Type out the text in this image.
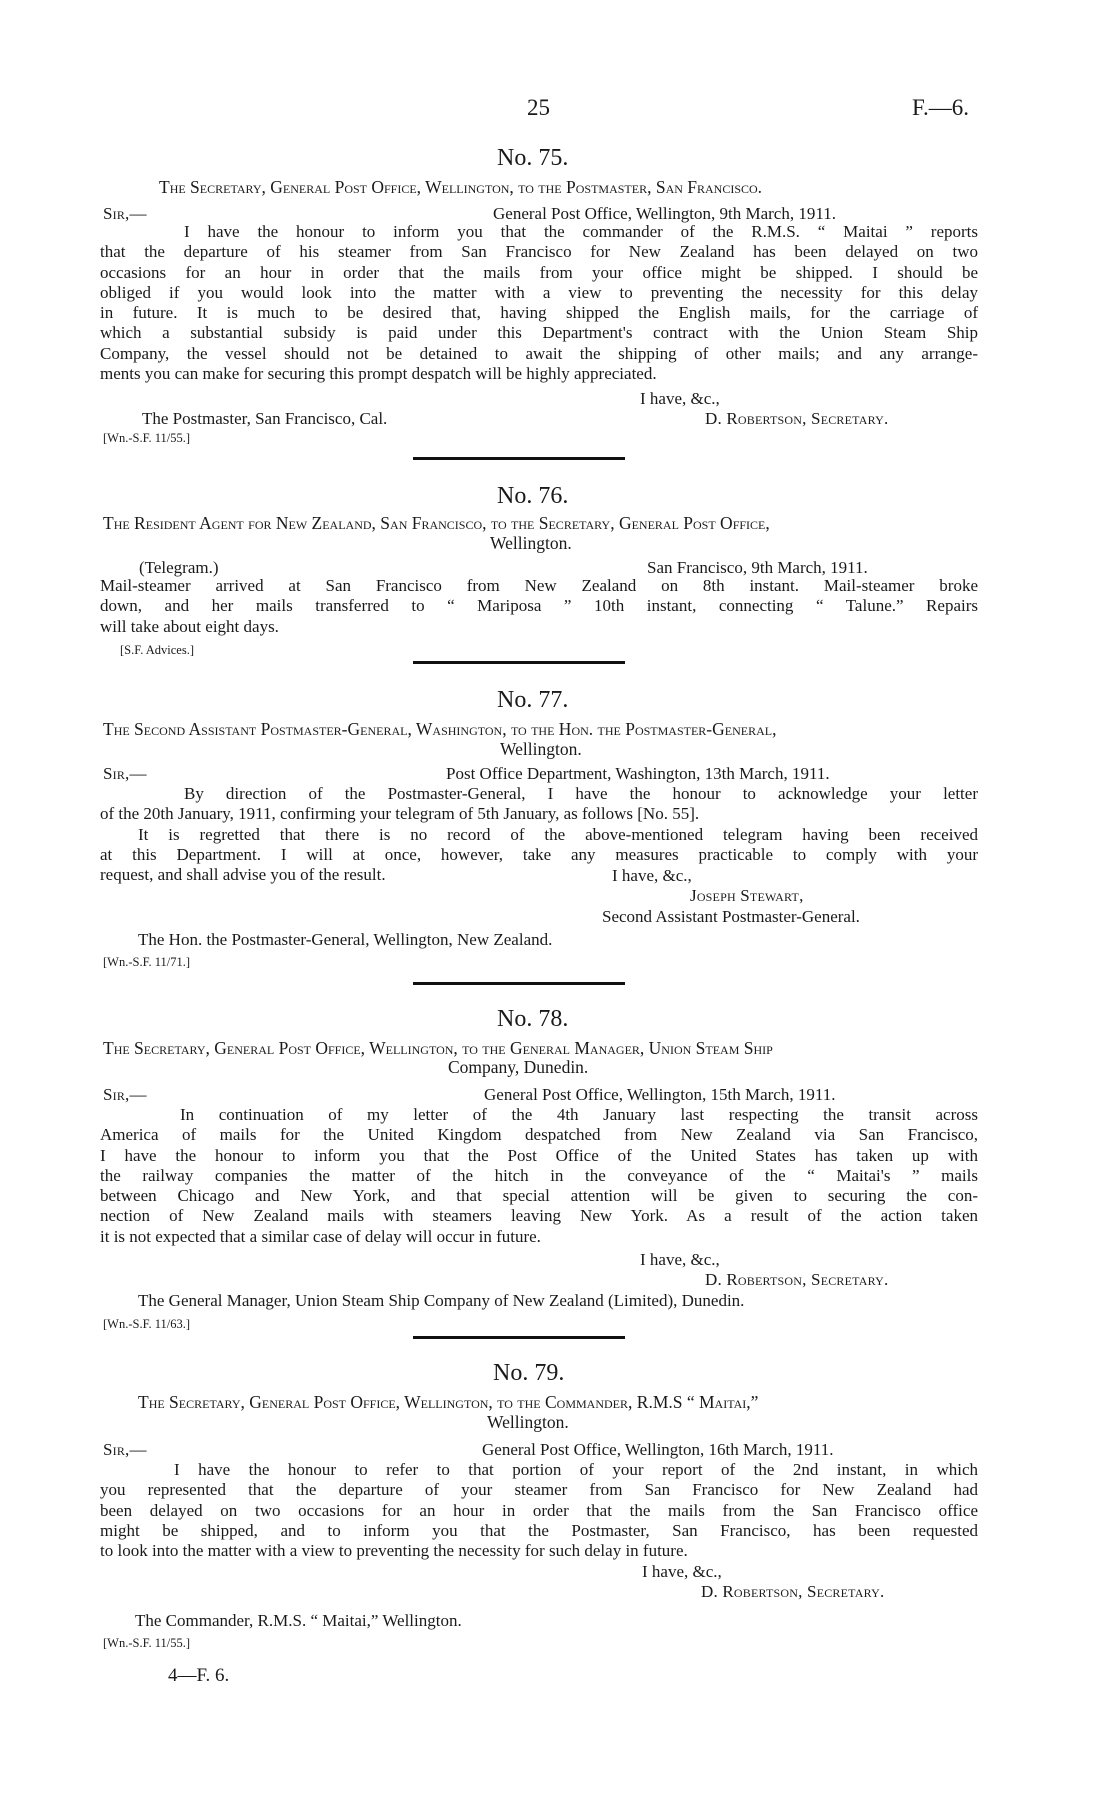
25	F.—6.
No. 75.
The Secretary, General Post Office, Wellington, to the Postmaster, San Francisco.
Sir,—	General Post Office, Wellington, 9th March, 1911.
I have the honour to inform you that the commander of the R.M.S. “ Maitai ” reports
that the departure of his steamer from San Francisco for New Zealand has been delayed on two
occasions for an hour in order that the mails from your office might be shipped. I should be
obliged if you would look into the matter with a view to preventing the necessity for this delay
in future. It is much to be desired that, having shipped the English mails, for the carriage of
which a substantial subsidy is paid under this Department's contract with the Union Steam Ship
Company, the vessel should not be detained to await the shipping of other mails; and any arrange-
ments you can make for securing this prompt despatch will be highly appreciated.
I have, &c.,
The Postmaster, San Francisco, Cal.	D. Robertson, Secretary.
[Wn.-S.F. 11/55.]
No. 76.
The Resident Agent for New Zealand, San Francisco, to the Secretary, General Post Office,
Wellington.
(Telegram.)	San Francisco, 9th March, 1911.
Mail-steamer arrived at San Francisco from New Zealand on 8th instant. Mail-steamer broke
down, and her mails transferred to “ Mariposa ” 10th instant, connecting “ Talune.” Repairs
will take about eight days.
[S.F. Advices.]
No. 77.
The Second Assistant Postmaster-General, Washington, to the Hon. the Postmaster-General,
Wellington.
Sir,—	Post Office Department, Washington, 13th March, 1911.
By direction of the Postmaster-General, I have the honour to acknowledge your letter
of the 20th January, 1911, confirming your telegram of 5th January, as follows [No. 55].
It is regretted that there is no record of the above-mentioned telegram having been received
at this Department. I will at once, however, take any measures practicable to comply with your
request, and shall advise you of the result.	I have, &c.,
Joseph Stewart,
Second Assistant Postmaster-General.
The Hon. the Postmaster-General, Wellington, New Zealand.
[Wn.-S.F. 11/71.]
No. 78.
The Secretary, General Post Office, Wellington, to the General Manager, Union Steam Ship
Company, Dunedin.
Sir,—	General Post Office, Wellington, 15th March, 1911.
In continuation of my letter of the 4th January last respecting the transit across
America of mails for the United Kingdom despatched from New Zealand via San Francisco,
I have the honour to inform you that the Post Office of the United States has taken up with
the railway companies the matter of the hitch in the conveyance of the “ Maitai's ” mails
between Chicago and New York, and that special attention will be given to securing the con-
nection of New Zealand mails with steamers leaving New York. As a result of the action taken
it is not expected that a similar case of delay will occur in future.
I have, &c.,
D. Robertson, Secretary.
The General Manager, Union Steam Ship Company of New Zealand (Limited), Dunedin.
[Wn.-S.F. 11/63.]
No. 79.
The Secretary, General Post Office, Wellington, to the Commander, R.M.S “ Maitai,”
Wellington.
Sir,—	General Post Office, Wellington, 16th March, 1911.
I have the honour to refer to that portion of your report of the 2nd instant, in which
you represented that the departure of your steamer from San Francisco for New Zealand had
been delayed on two occasions for an hour in order that the mails from the San Francisco office
might be shipped, and to inform you that the Postmaster, San Francisco, has been requested
to look into the matter with a view to preventing the necessity for such delay in future.
I have, &c.,
D. Robertson, Secretary.
The Commander, R.M.S. “ Maitai,” Wellington.
[Wn.-S.F. 11/55.]
4—F. 6.
